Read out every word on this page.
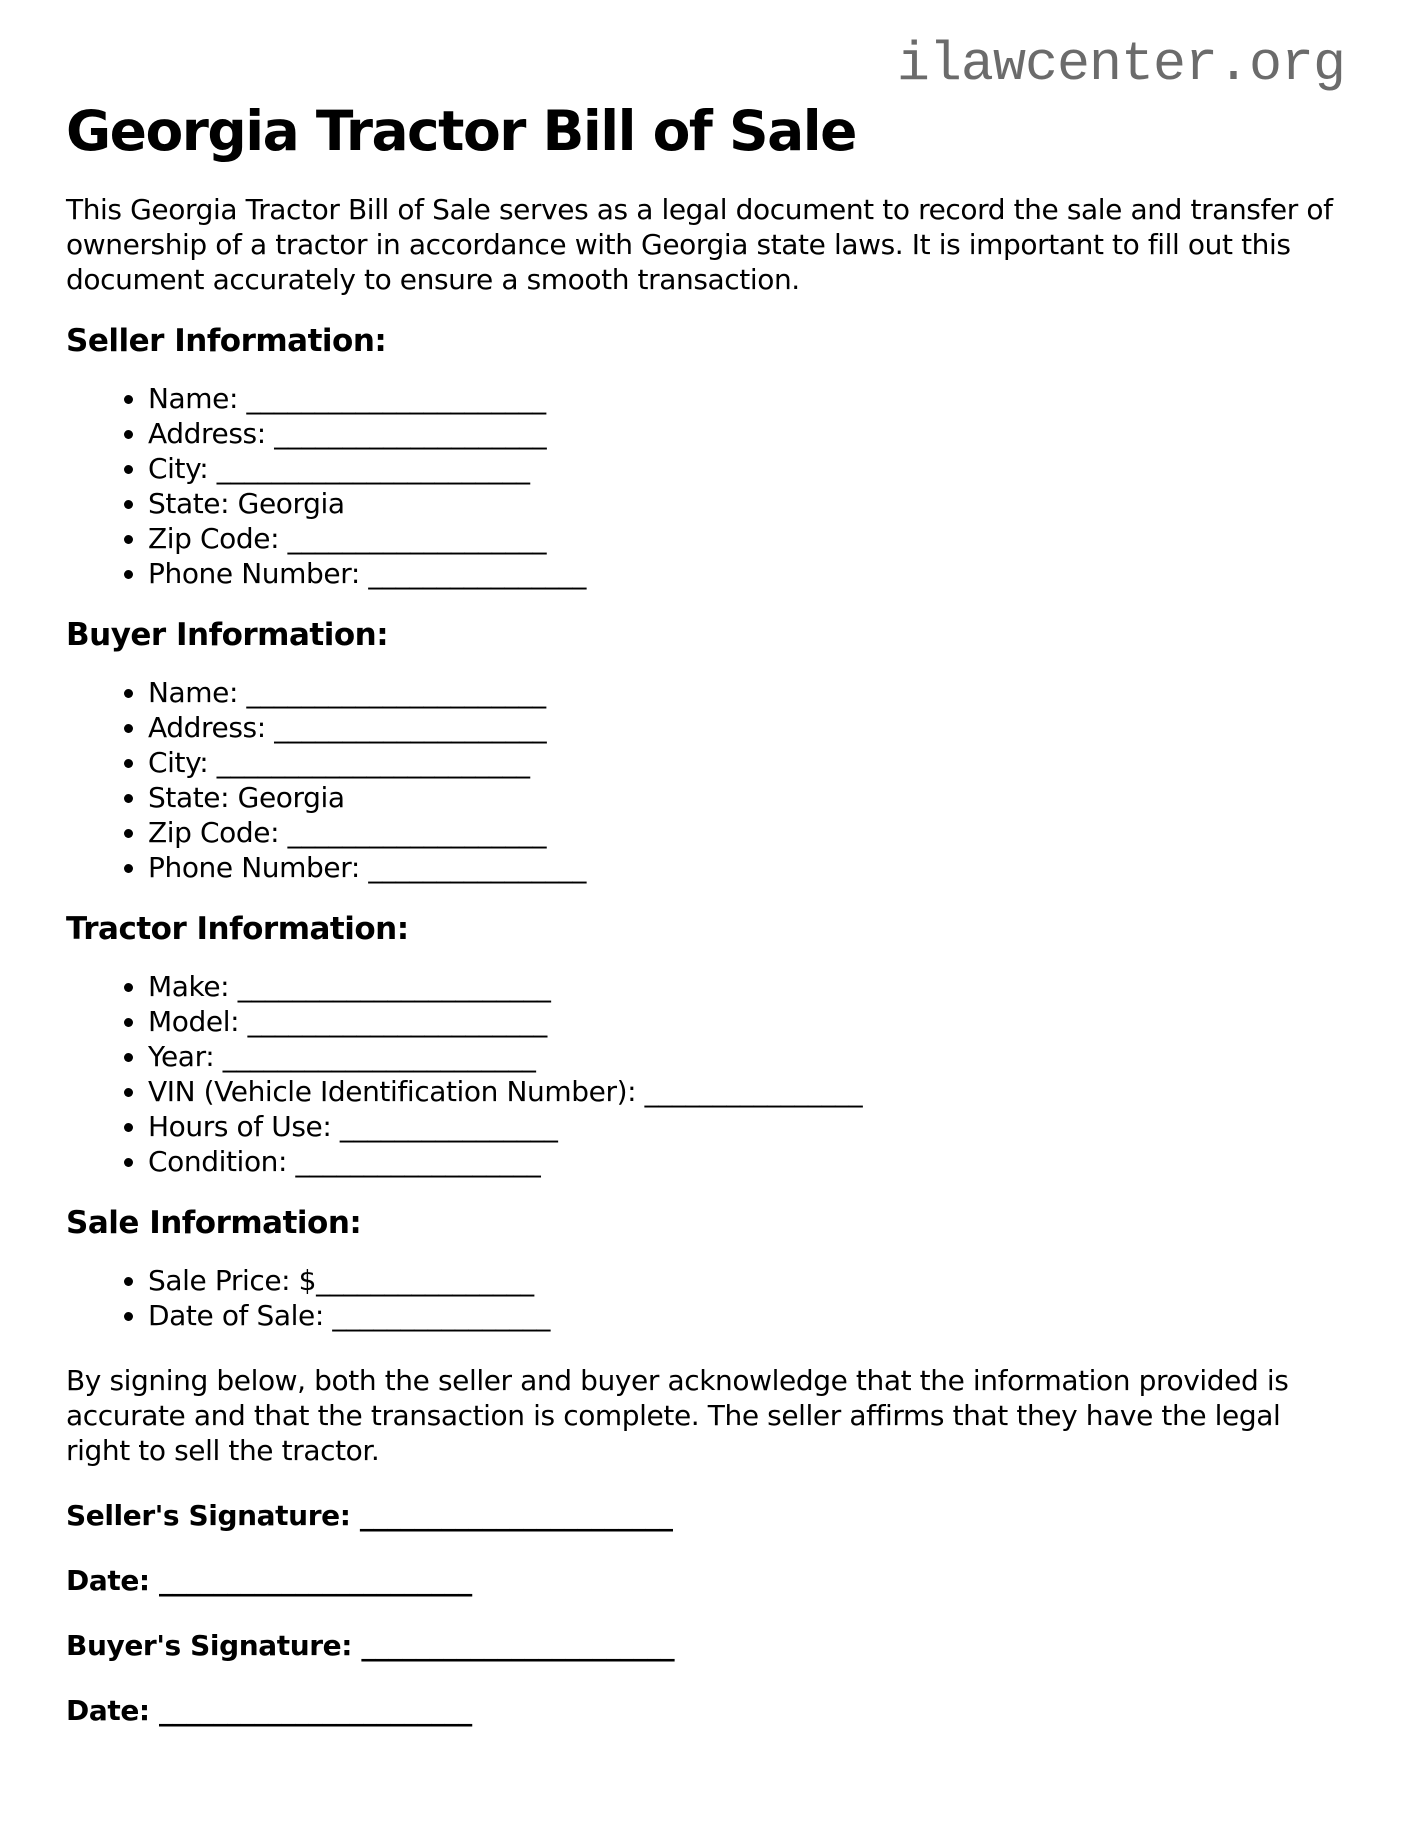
ilawcenter.org
Georgia Tractor Bill of Sale

This Georgia Tractor Bill of Sale serves as a legal document to record the sale and transfer of ownership of a tractor in accordance with Georgia state laws. It is important to fill out this document accurately to ensure a smooth transaction.

Seller Information:
• Name: ______________________
• Address: ____________________
• City: _______________________
• State: Georgia
• Zip Code: ___________________
• Phone Number: ________________
Buyer Information:
• Name: ______________________
• Address: ____________________
• City: _______________________
• State: Georgia
• Zip Code: ___________________
• Phone Number: ________________
Tractor Information:
• Make: _______________________
• Model: ______________________
• Year: _______________________
• VIN (Vehicle Identification Number): ________________
• Hours of Use: ________________
• Condition: __________________
Sale Information:
• Sale Price: $________________
• Date of Sale: ________________

By signing below, both the seller and buyer acknowledge that the information provided is accurate and that the transaction is complete. The seller affirms that they have the legal right to sell the tractor.

Seller's Signature: _______________________

Date: _______________________

Buyer's Signature: _______________________

Date: _______________________
